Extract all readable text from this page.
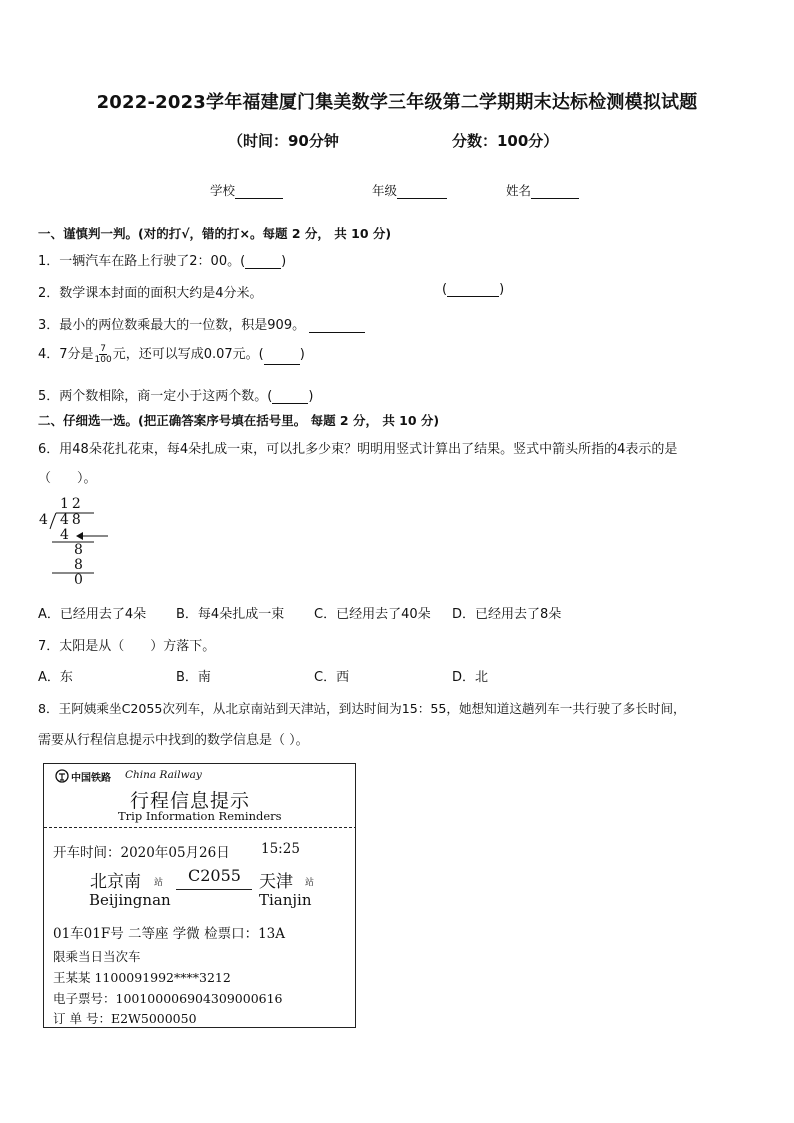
2022-2023学年福建厦门集美数学三年级第二学期期末达标检测模拟试题
（时间：90分钟	分数：100分）
学校	年级	姓名
一、谨慎判一判。(对的打√，错的打×。每题 2 分， 共 10 分)
1．一辆汽车在路上行驶了2：00。(	)
2．数学课本封面的面积大约是4分米。	(	)
3．最小的两位数乘最大的一位数，积是909。
4．7分是 $\frac{7}{100}$ 元，还可以写成0.07元。(	)
5．两个数相除，商一定小于这两个数。(	)
二、仔细选一选。(把正确答案序号填在括号里。 每题 2 分， 共 10 分)
6．用48朵花扎花束，每4朵扎成一束，可以扎多少束？明明用竖式计算出了结果。竖式中箭头所指的4表示的是
（　　）。
12
4 48
4
8
8
0
A．已经用去了4朵 B．每4朵扎成一束 C．已经用去了40朵 D．已经用去了8朵
7．太阳是从（　　）方落下。
A．东	B．南	C．西	D．北
8．王阿姨乘坐C2055次列车，从北京南站到天津站，到达时间为15：55，她想知道这趟列车一共行驶了多长时间，
需要从行程信息提示中找到的数学信息是（ ）。
中国铁路 China Railway
行程信息提示
Trip Information Reminders
开车时间：2020年05月26日 15:25
北京南 站 C2055 天津 站
Beijingnan	Tianjin
01车01F号 二等座 学微 检票口：13A
限乘当日当次车
王某某 1100091992****3212
电子票号：10010000690430900061‌6
订 单 号：E2W5000050
